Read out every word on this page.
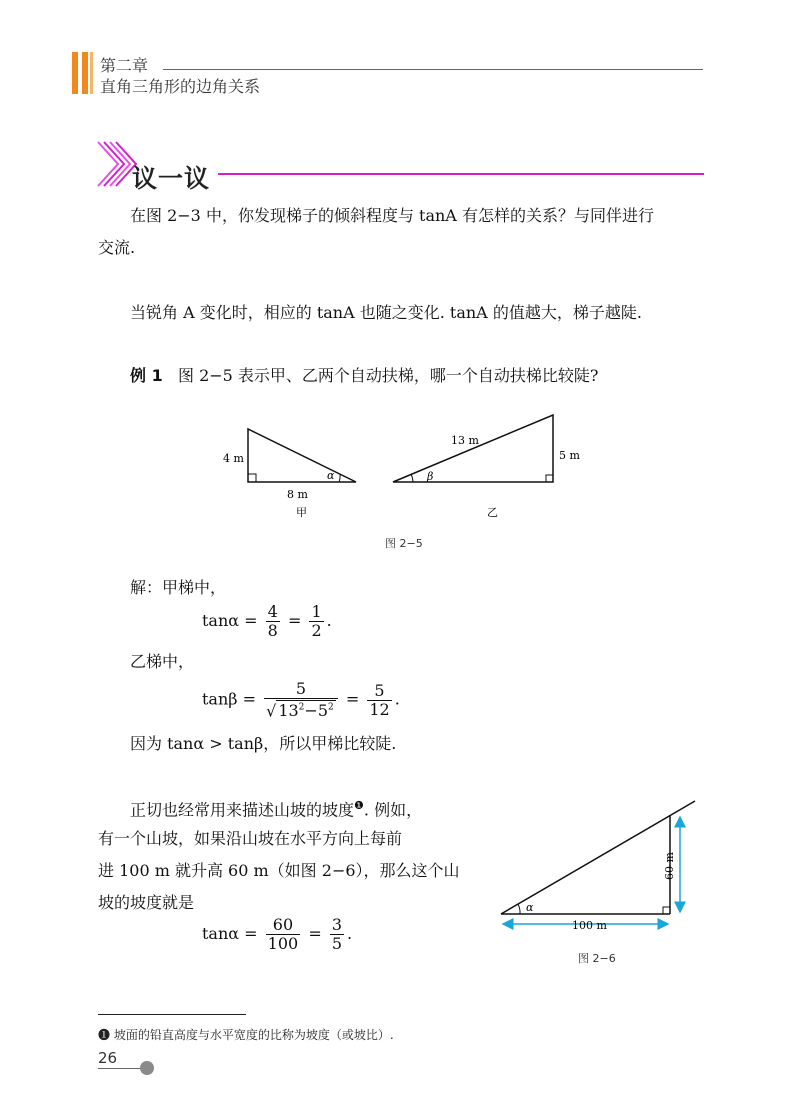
第二章
直角三角形的边角关系
议一议
在图 2−3 中，你发现梯子的倾斜程度与 tanA 有怎样的关系？与同伴进行
交流.
当锐角 A 变化时，相应的 tanA 也随之变化. tanA 的值越大，梯子越陡.
例 1 图 2−5 表示甲、乙两个自动扶梯，哪一个自动扶梯比较陡?
4 m
8 m
α
甲
13 m
5 m
β
乙
图 2−5
解：甲梯中，
$\tan\alpha = \frac{4}{8} = \frac{1}{2}$ .
乙梯中，
$\tan\beta = \frac{5}{√ 13^2-5^2} = \frac{5}{12}$ .
因为 tanα > tanβ，所以甲梯比较陡.
正切也经常用来描述山坡的坡度$^❶$. 例如，
有一个山坡，如果沿山坡在水平方向上每前
进 100 m 就升高 60 m（如图 2−6），那么这个山
坡的坡度就是
$\tan\alpha = \frac{60}{100} = \frac{3}{5}$ .	100 m
60 m
α
图 2−6
❶ 坡面的铅直高度与水平宽度的比称为坡度（或坡比）.
26
